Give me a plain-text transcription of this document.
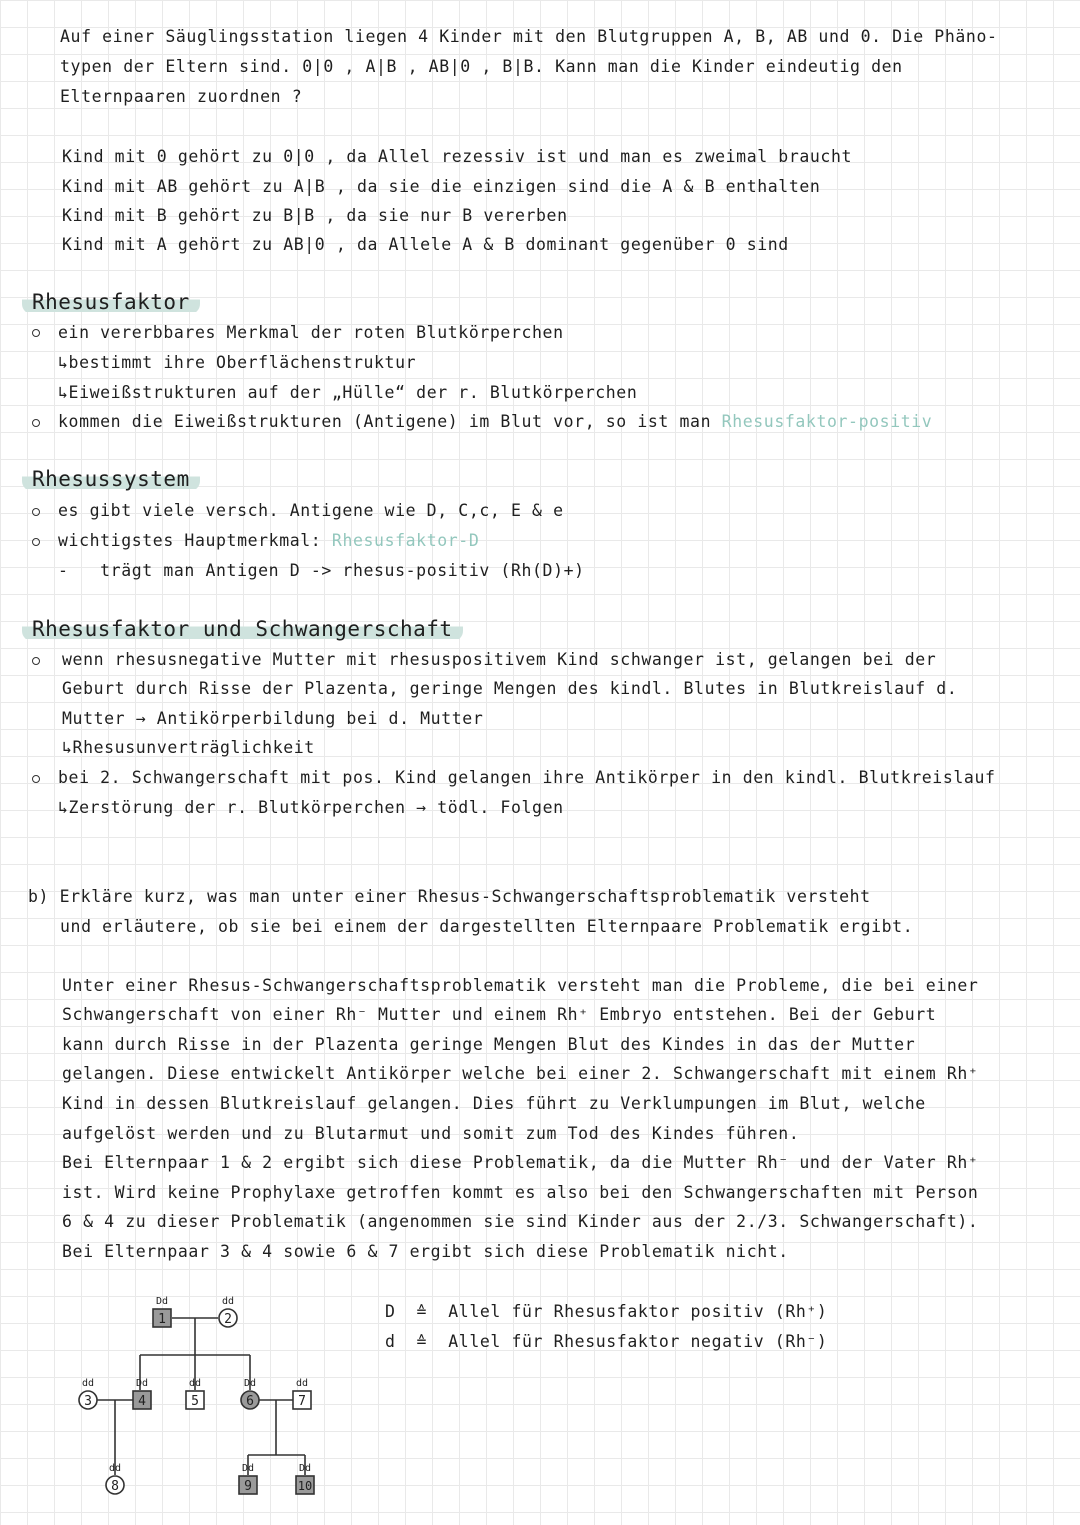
Auf einer Säuglingsstation liegen 4 Kinder mit den Blutgruppen A, B, AB und 0. Die Phäno-
typen der Eltern sind. 0|0 , A|B , AB|0 , B|B. Kann man die Kinder eindeutig den
Elternpaaren zuordnen ?
Kind mit 0 gehört zu 0|0 , da Allel rezessiv ist und man es zweimal braucht
Kind mit AB gehört zu A|B , da sie die einzigen sind die A & B enthalten
Kind mit B gehört zu B|B , da sie nur B vererben
Kind mit A gehört zu AB|0 , da Allele A & B dominant gegenüber 0 sind
Rhesusfaktor
ein vererbbares Merkmal der roten Blutkörperchen
↳ bestimmt ihre Oberflächenstruktur
↳ Eiweißstrukturen auf der „Hülle“ der r. Blutkörperchen
kommen die Eiweißstrukturen (Antigene) im Blut vor, so ist man Rhesusfaktor-positiv
Rhesussystem
es gibt viele versch. Antigene wie D, C,c, E & e
wichtigstes Hauptmerkmal: Rhesusfaktor-D
-   trägt man Antigen D -> rhesus-positiv (Rh(D)+)
Rhesusfaktor und Schwangerschaft
wenn rhesusnegative Mutter mit rhesuspositivem Kind schwanger ist, gelangen bei der
Geburt durch Risse der Plazenta, geringe Mengen des kindl. Blutes in Blutkreislauf d.
Mutter → Antikörperbildung bei d. Mutter
↳ Rhesusunverträglichkeit
bei 2. Schwangerschaft mit pos. Kind gelangen ihre Antikörper in den kindl. Blutkreislauf
↳ Zerstörung der r. Blutkörperchen → tödl. Folgen
b) Erkläre kurz, was man unter einer Rhesus-Schwangerschaftsproblematik versteht
und erläutere, ob sie bei einem der dargestellten Elternpaare Problematik ergibt.
Unter einer Rhesus-Schwangerschaftsproblematik versteht man die Probleme, die bei einer
Schwangerschaft von einer Rh⁻ Mutter und einem Rh⁺ Embryo entstehen. Bei der Geburt
kann durch Risse in der Plazenta geringe Mengen Blut des Kindes in das der Mutter
gelangen. Diese entwickelt Antikörper welche bei einer 2. Schwangerschaft mit einem Rh⁺
Kind in dessen Blutkreislauf gelangen. Dies führt zu Verklumpungen im Blut, welche
aufgelöst werden und zu Blutarmut und somit zum Tod des Kindes führen.
Bei Elternpaar 1 & 2 ergibt sich diese Problematik, da die Mutter Rh⁻ und der Vater Rh⁺
ist. Wird keine Prophylaxe getroffen kommt es also bei den Schwangerschaften mit Person
6 & 4 zu dieser Problematik (angenommen sie sind Kinder aus der 2./3. Schwangerschaft).
Bei Elternpaar 3 & 4 sowie 6 & 7 ergibt sich diese Problematik nicht.
D ≙ Allel für Rhesusfaktor positiv (Rh⁺)
d ≙ Allel für Rhesusfaktor negativ (Rh⁻)
1
Dd
2
dd
3
dd
4
Dd
5
dd
6
Dd
7
dd
8
dd
9
Dd
10
Dd
